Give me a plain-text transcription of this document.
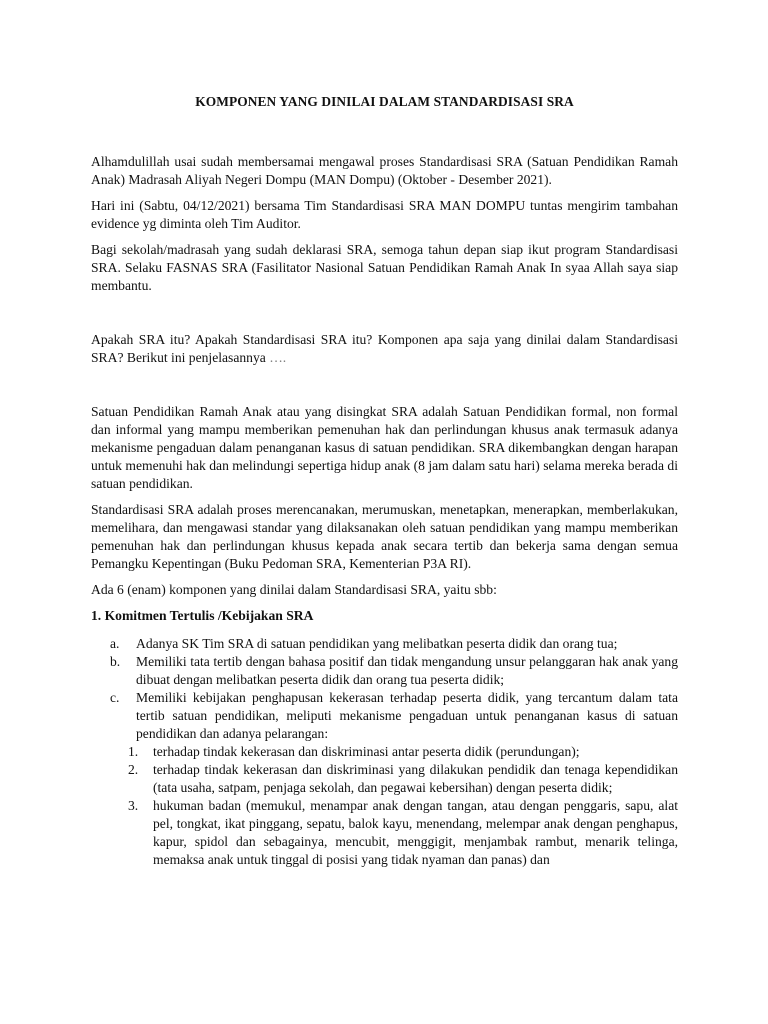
KOMPONEN YANG DINILAI DALAM STANDARDISASI SRA

Alhamdulillah usai sudah membersamai mengawal proses Standardisasi SRA (Satuan Pendidikan Ramah Anak) Madrasah Aliyah Negeri Dompu (MAN Dompu) (Oktober - Desember 2021).

Hari ini (Sabtu, 04/12/2021) bersama Tim Standardisasi SRA MAN DOMPU tuntas mengirim tambahan evidence yg diminta oleh Tim Auditor.

Bagi sekolah/madrasah yang sudah deklarasi SRA, semoga tahun depan siap ikut program Standardisasi SRA. Selaku FASNAS SRA (Fasilitator Nasional Satuan Pendidikan Ramah Anak In syaa Allah saya siap membantu.

Apakah SRA itu? Apakah Standardisasi SRA itu? Komponen apa saja yang dinilai dalam Standardisasi SRA? Berikut ini penjelasannya ….

Satuan Pendidikan Ramah Anak atau yang disingkat SRA adalah Satuan Pendidikan formal, non formal dan informal yang mampu memberikan pemenuhan hak dan perlindungan khusus anak termasuk adanya mekanisme pengaduan dalam penanganan kasus di satuan pendidikan. SRA dikembangkan dengan harapan untuk memenuhi hak dan melindungi sepertiga hidup anak (8 jam dalam satu hari) selama mereka berada di satuan pendidikan.

Standardisasi SRA adalah proses merencanakan, merumuskan, menetapkan, menerapkan, memberlakukan, memelihara, dan mengawasi standar yang dilaksanakan oleh satuan pendidikan yang mampu memberikan pemenuhan hak dan perlindungan khusus kepada anak secara tertib dan bekerja sama dengan semua Pemangku Kepentingan (Buku Pedoman SRA, Kementerian P3A RI).

Ada 6 (enam) komponen yang dinilai dalam Standardisasi SRA, yaitu sbb:

1. Komitmen Tertulis /Kebijakan SRA
a. Adanya SK Tim SRA di satuan pendidikan yang melibatkan peserta didik dan orang tua;
b. Memiliki tata tertib dengan bahasa positif dan tidak mengandung unsur pelanggaran hak anak yang dibuat dengan melibatkan peserta didik dan orang tua peserta didik;
c. Memiliki kebijakan penghapusan kekerasan terhadap peserta didik, yang tercantum dalam tata tertib satuan pendidikan, meliputi mekanisme pengaduan untuk penanganan kasus di satuan pendidikan dan adanya pelarangan:
1. terhadap tindak kekerasan dan diskriminasi antar peserta didik (perundungan);
2. terhadap tindak kekerasan dan diskriminasi yang dilakukan pendidik dan tenaga kependidikan (tata usaha, satpam, penjaga sekolah, dan pegawai kebersihan) dengan peserta didik;
3. hukuman badan (memukul, menampar anak dengan tangan, atau dengan penggaris, sapu, alat pel, tongkat, ikat pinggang, sepatu, balok kayu, menendang, melempar anak dengan penghapus, kapur, spidol dan sebagainya, mencubit, menggigit, menjambak rambut, menarik telinga, memaksa anak untuk tinggal di posisi yang tidak nyaman dan panas) dan
